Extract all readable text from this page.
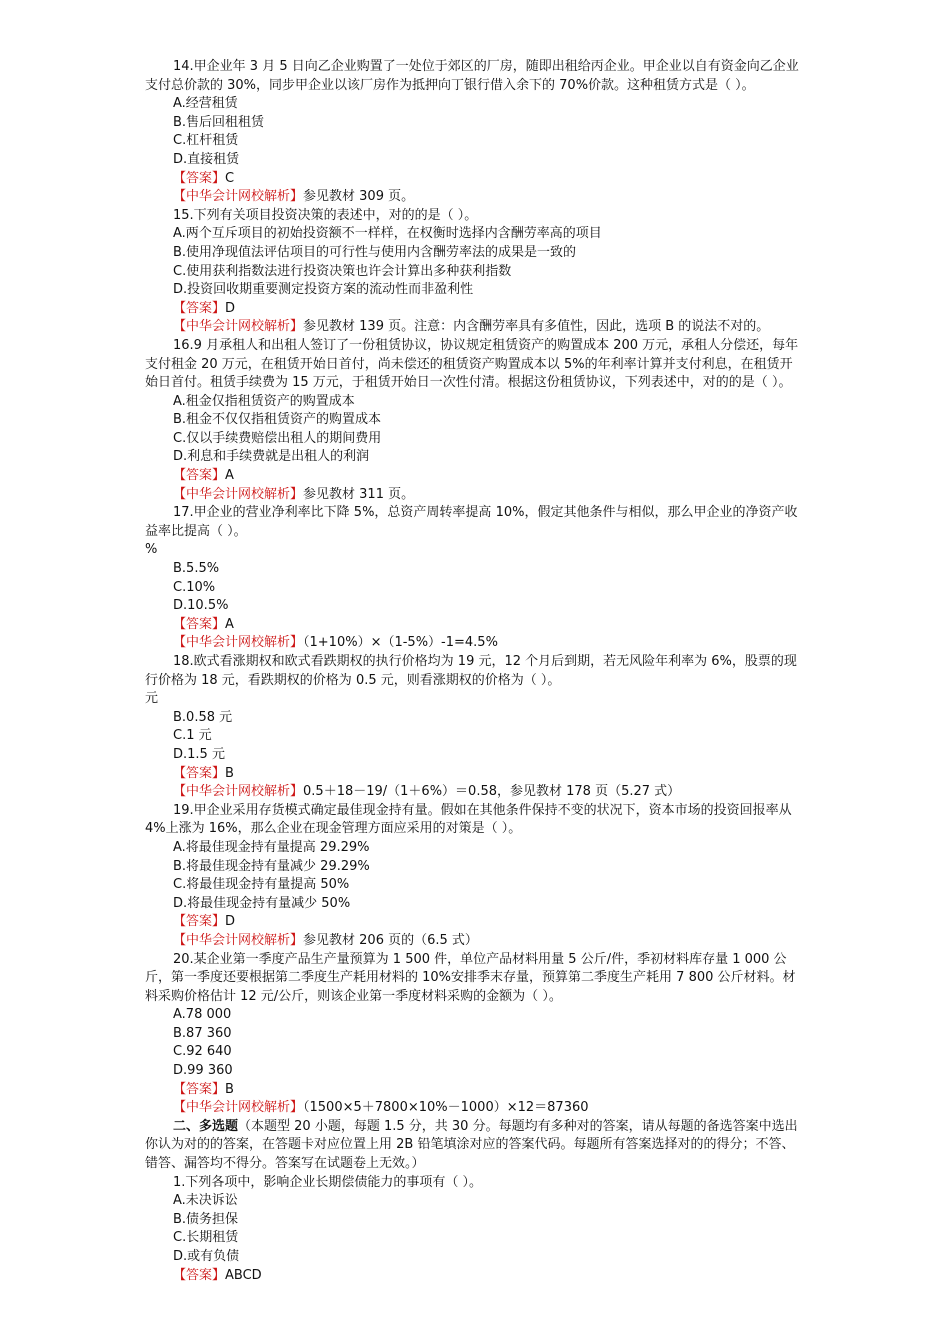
14.甲企业年 3 月 5 日向乙企业购置了一处位于郊区的厂房，随即出租给丙企业。甲企业以自有资金向乙企业支付总价款的 30%，同步甲企业以该厂房作为抵押向丁银行借入余下的 70%价款。这种租赁方式是（ ）。

A.经营租赁

B.售后回租租赁

C.杠杆租赁

D.直接租赁

【答案】C

【中华会计网校解析】参见教材 309 页。

15.下列有关项目投资决策的表述中，对的的是（ ）。

A.两个互斥项目的初始投资额不一样样，在权衡时选择内含酬劳率高的项目

B.使用净现值法评估项目的可行性与使用内含酬劳率法的成果是一致的

C.使用获利指数法进行投资决策也许会计算出多种获利指数

D.投资回收期重要测定投资方案的流动性而非盈利性

【答案】D

【中华会计网校解析】参见教材 139 页。注意：内含酬劳率具有多值性，因此，选项 B 的说法不对的。

16.9 月承租人和出租人签订了一份租赁协议，协议规定租赁资产的购置成本 200 万元，承租人分偿还，每年支付租金 20 万元，在租赁开始日首付，尚未偿还的租赁资产购置成本以 5%的年利率计算并支付利息，在租赁开始日首付。租赁手续费为 15 万元，于租赁开始日一次性付清。根据这份租赁协议，下列表述中，对的的是（ ）。

A.租金仅指租赁资产的购置成本

B.租金不仅仅指租赁资产的购置成本

C.仅以手续费赔偿出租人的期间费用

D.利息和手续费就是出租人的利润

【答案】A

【中华会计网校解析】参见教材 311 页。

17.甲企业的营业净利率比下降 5%，总资产周转率提高 10%，假定其他条件与相似，那么甲企业的净资产收益率比提高（ ）。

%

B.5.5%

C.10%

D.10.5%

【答案】A

【中华会计网校解析】（1+10%）×（1-5%）-1=4.5%

18.欧式看涨期权和欧式看跌期权的执行价格均为 19 元，12 个月后到期，若无风险年利率为 6%，股票的现行价格为 18 元，看跌期权的价格为 0.5 元，则看涨期权的价格为（ ）。

元

B.0.58 元

C.1 元

D.1.5 元

【答案】B

【中华会计网校解析】0.5＋18－19/（1＋6%）＝0.58，参见教材 178 页（5.27 式）

19.甲企业采用存货模式确定最佳现金持有量。假如在其他条件保持不变的状况下，资本市场的投资回报率从 4%上涨为 16%，那么企业在现金管理方面应采用的对策是（ ）。

A.将最佳现金持有量提高 29.29%

B.将最佳现金持有量减少 29.29%

C.将最佳现金持有量提高 50%

D.将最佳现金持有量减少 50%

【答案】D

【中华会计网校解析】参见教材 206 页的（6.5 式）

20.某企业第一季度产品生产量预算为 1 500 件，单位产品材料用量 5 公斤/件，季初材料库存量 1 000 公斤，第一季度还要根据第二季度生产耗用材料的 10%安排季末存量，预算第二季度生产耗用 7 800 公斤材料。材料采购价格估计 12 元/公斤，则该企业第一季度材料采购的金额为（ ）。

A.78 000

B.87 360

C.92 640

D.99 360

【答案】B

【中华会计网校解析】（1500×5＋7800×10%－1000）×12＝87360

二、多选题（本题型 20 小题，每题 1.5 分，共 30 分。每题均有多种对的答案，请从每题的备选答案中选出你认为对的的答案，在答题卡对应位置上用 2B 铅笔填涂对应的答案代码。每题所有答案选择对的的得分；不答、错答、漏答均不得分。答案写在试题卷上无效。）

1.下列各项中，影响企业长期偿债能力的事项有（ ）。

A.未决诉讼

B.债务担保

C.长期租赁

D.或有负债

【答案】ABCD
